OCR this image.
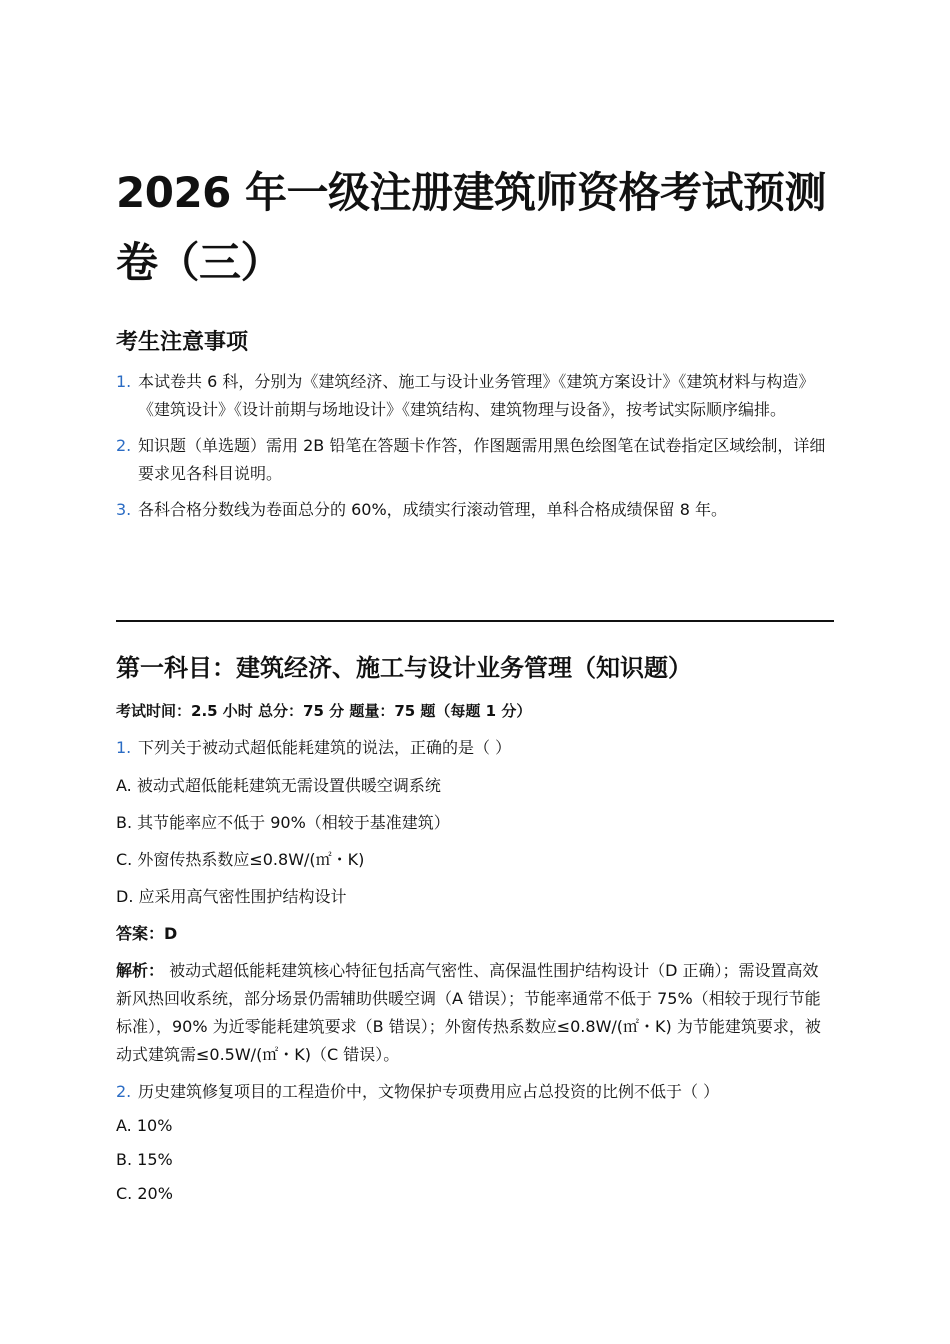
2026 年一级注册建筑师资格考试预测卷（三）
考生注意事项
1. 本试卷共 6 科，分别为《建筑经济、施工与设计业务管理》《建筑方案设计》《建筑材料与构造》《建筑设计》《设计前期与场地设计》《建筑结构、建筑物理与设备》，按考试实际顺序编排。
2. 知识题（单选题）需用 2B 铅笔在答题卡作答，作图题需用黑色绘图笔在试卷指定区域绘制，详细要求见各科目说明。
3. 各科合格分数线为卷面总分的 60%，成绩实行滚动管理，单科合格成绩保留 8 年。
第一科目：建筑经济、施工与设计业务管理（知识题）
考试时间：2.5 小时 总分：75 分 题量：75 题（每题 1 分）
1. 下列关于被动式超低能耗建筑的说法，正确的是（ ）
A. 被动式超低能耗建筑无需设置供暖空调系统
B. 其节能率应不低于 90%（相较于基准建筑）
C. 外窗传热系数应≤0.8W/(㎡・K)
D. 应采用高气密性围护结构设计
答案：D
解析： 被动式超低能耗建筑核心特征包括高气密性、高保温性围护结构设计（D 正确）；需设置高效新风热回收系统，部分场景仍需辅助供暖空调（A 错误）；节能率通常不低于 75%（相较于现行节能标准），90% 为近零能耗建筑要求（B 错误）；外窗传热系数应≤0.8W/(㎡・K) 为节能建筑要求，被动式建筑需≤0.5W/(㎡・K)（C 错误）。
2. 历史建筑修复项目的工程造价中，文物保护专项费用应占总投资的比例不低于（ ）
A. 10%
B. 15%
C. 20%
